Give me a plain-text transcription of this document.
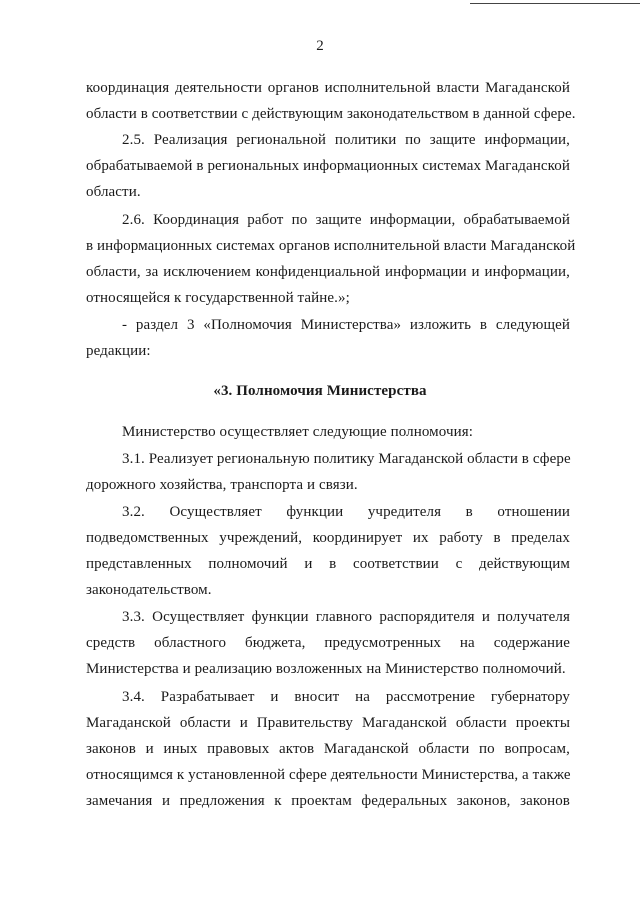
2
координация деятельности органов исполнительной власти Магаданской
области в соответствии с действующим законодательством в данной сфере.
2.5. Реализация региональной политики по защите информации,
обрабатываемой в региональных информационных системах Магаданской
области.
2.6. Координация работ по защите информации, обрабатываемой
в информационных системах органов исполнительной власти Магаданской
области, за исключением конфиденциальной информации и информации,
относящейся к государственной тайне.»;
- раздел 3 «Полномочия Министерства» изложить в следующей
редакции:
«3. Полномочия Министерства
Министерство осуществляет следующие полномочия:
3.1. Реализует региональную политику Магаданской области в сфере
дорожного хозяйства, транспорта и связи.
3.2. Осуществляет функции учредителя в отношении
подведомственных учреждений, координирует их работу в пределах
представленных полномочий и в соответствии с действующим
законодательством.
3.3. Осуществляет функции главного распорядителя и получателя
средств областного бюджета, предусмотренных на содержание
Министерства и реализацию возложенных на Министерство полномочий.
3.4. Разрабатывает и вносит на рассмотрение губернатору
Магаданской области и Правительству Магаданской области проекты
законов и иных правовых актов Магаданской области по вопросам,
относящимся к установленной сфере деятельности Министерства, а также
замечания и предложения к проектам федеральных законов, законов
